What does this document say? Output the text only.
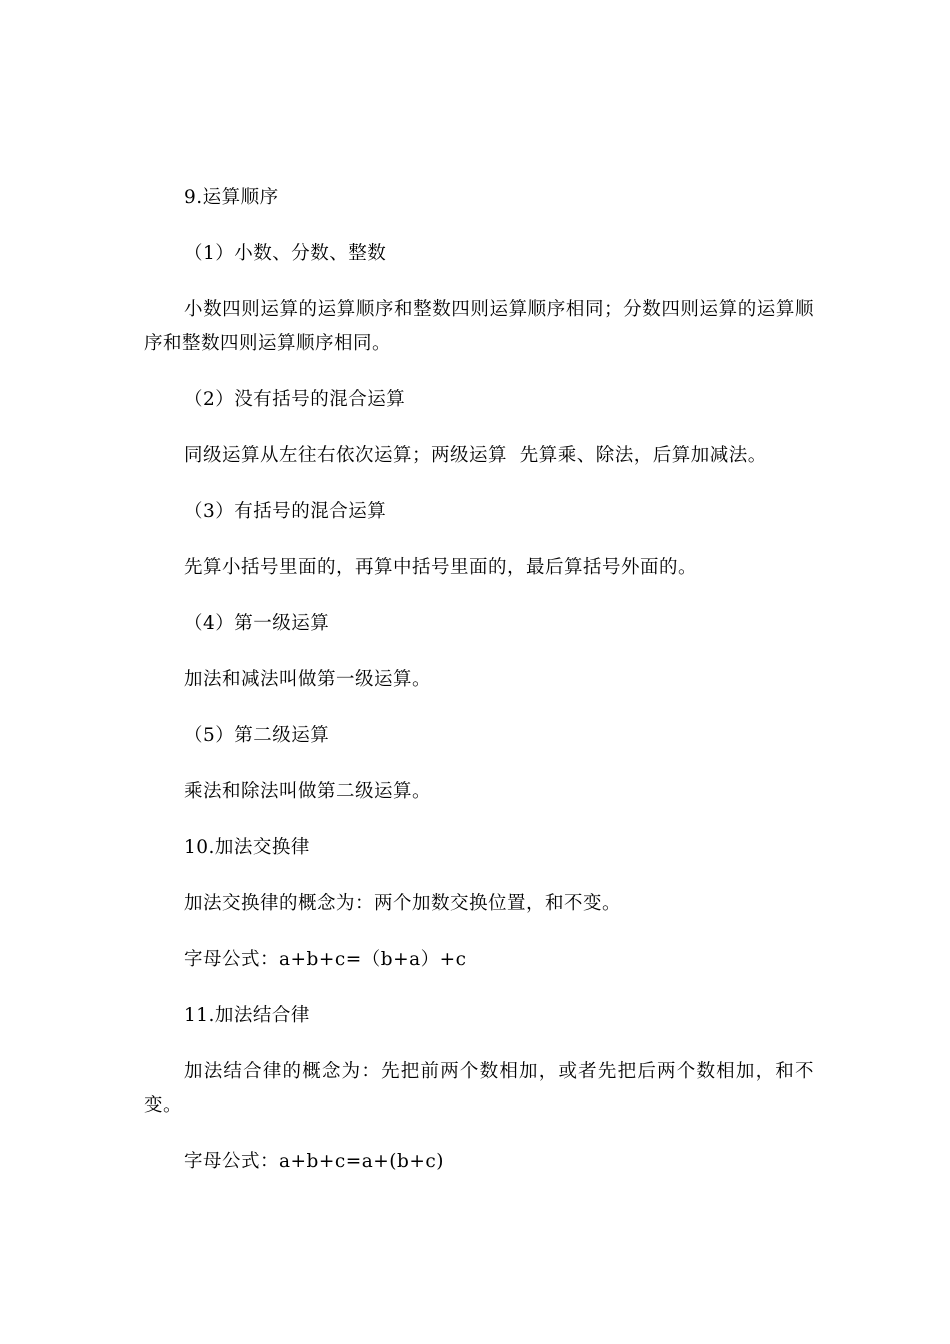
9.运算顺序

（1）小数、分数、整数

小数四则运算的运算顺序和整数四则运算顺序相同；分数四则运算的运算顺序和整数四则运算顺序相同。

（2）没有括号的混合运算

同级运算从左往右依次运算；两级运算  先算乘、除法，后算加减法。

（3）有括号的混合运算

先算小括号里面的，再算中括号里面的，最后算括号外面的。

（4）第一级运算

加法和减法叫做第一级运算。

（5）第二级运算

乘法和除法叫做第二级运算。

10.加法交换律

加法交换律的概念为：两个加数交换位置，和不变。

字母公式：a+b+c=（b+a）+c

11.加法结合律

加法结合律的概念为：先把前两个数相加，或者先把后两个数相加，和不变。

字母公式：a+b+c=a+(b+c)
